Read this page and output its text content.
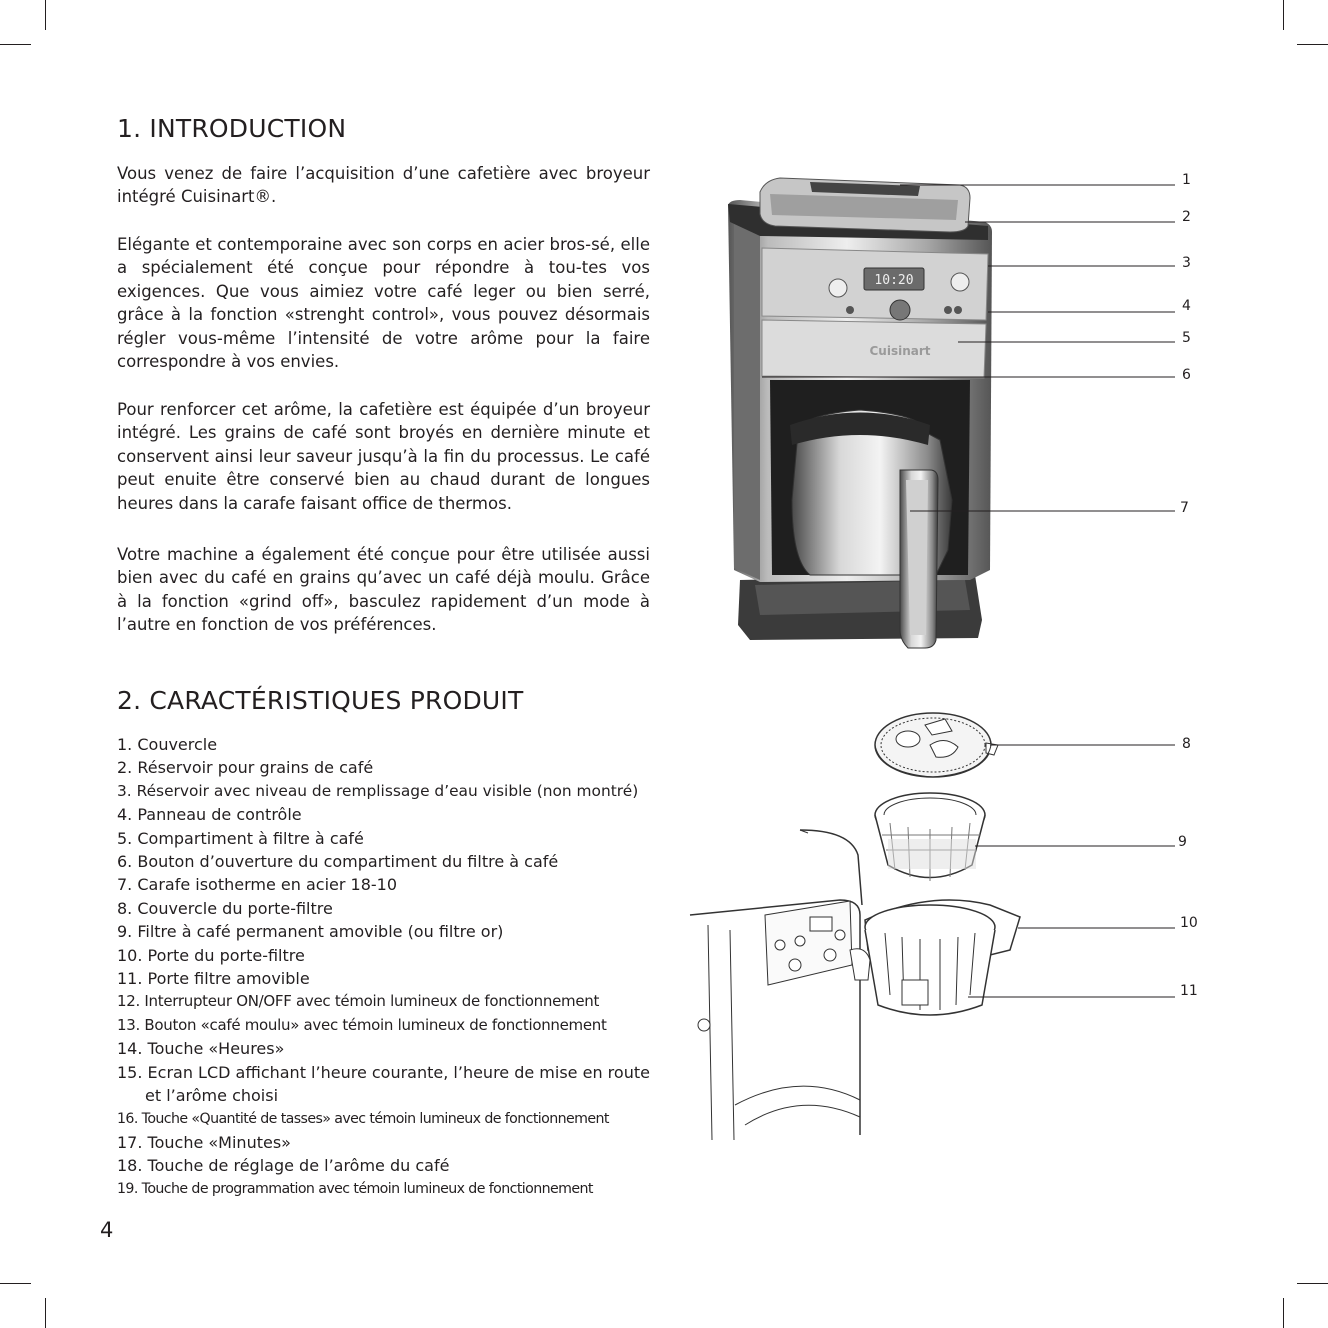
1. INTRODUCTION

Vous venez de faire l’acquisition d’une cafetière avec broyeur intégré Cuisinart®.

Elégante et contemporaine avec son corps en acier bros-sé, elle a spécialement été conçue pour répondre à tou-tes vos exigences. Que vous aimiez votre café leger ou bien serré, grâce à la fonction «strenght control», vous pouvez désormais régler vous-même l’intensité de votre arôme pour la faire correspondre à vos envies.

Pour renforcer cet arôme, la cafetière est équipée d’un broyeur intégré. Les grains de café sont broyés en dernière minute et conservent ainsi leur saveur jusqu’à la fin du processus. Le café peut enuite être conservé bien au chaud durant de longues heures dans la carafe faisant office de thermos.

Votre machine a également été conçue pour être utilisée aussi bien avec du café en grains qu’avec un café déjà moulu. Grâce à la fonction «grind off», basculez rapidement d’un mode à l’autre en fonction de vos préférences.

2. CARACTÉRISTIQUES PRODUIT
1. Couvercle
2. Réservoir pour grains de café
3. Réservoir avec niveau de remplissage d’eau visible (non montré)
4. Panneau de contrôle
5. Compartiment à filtre à café
6. Bouton d’ouverture du compartiment du filtre à café
7. Carafe isotherme en acier 18-10
8. Couvercle du porte-filtre
9. Filtre à café permanent amovible (ou filtre or)
10. Porte du porte-filtre
11. Porte filtre amovible
12. Interrupteur ON/OFF avec témoin lumineux de fonctionnement
13. Bouton «café moulu» avec témoin lumineux de fonctionnement
14. Touche «Heures»
15. Ecran LCD affichant l’heure courante, l’heure de mise en route et l’arôme choisi
16. Touche «Quantité de tasses» avec témoin lumineux de fonctionnement
17. Touche «Minutes»
18. Touche de réglage de l’arôme du café
19. Touche de programmation avec témoin lumineux de fonctionnement
4
10:20
Cuisinart
1
2
3
4
5
6
7
8
9
10
11
